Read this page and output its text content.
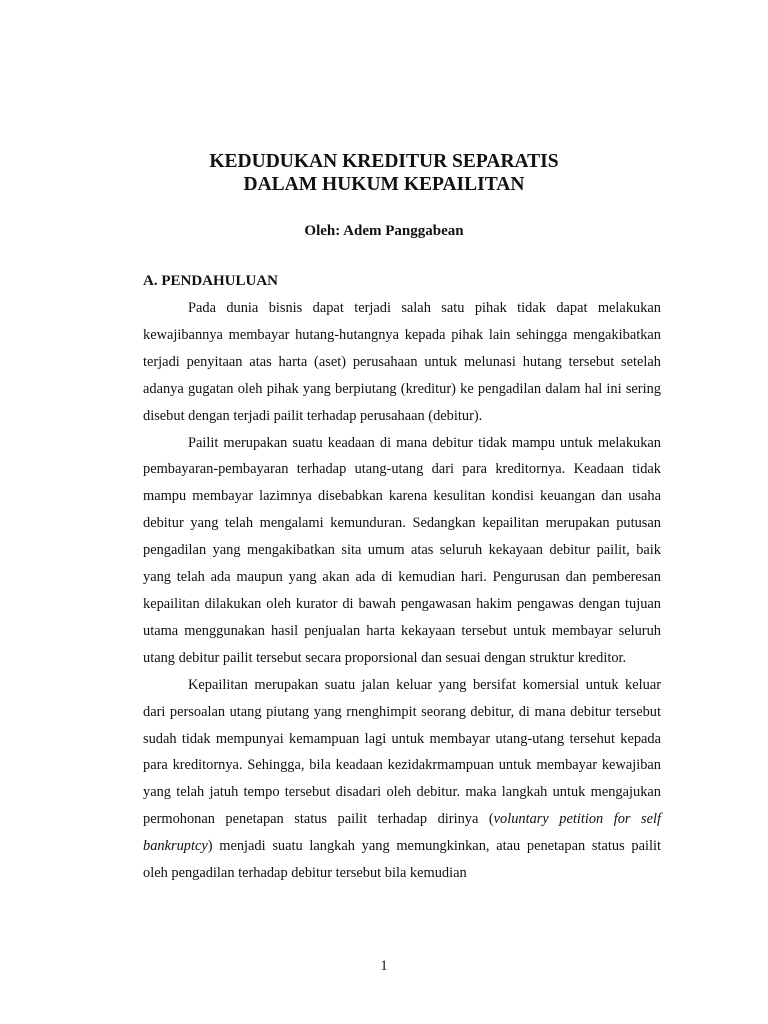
KEDUDUKAN KREDITUR SEPARATIS
DALAM HUKUM KEPAILITAN

Oleh: Adem Panggabean

A. PENDAHULUAN

Pada dunia bisnis dapat terjadi salah satu pihak tidak dapat melakukan kewajibannya membayar hutang-hutangnya kepada pihak lain sehingga mengakibatkan terjadi penyitaan atas harta (aset) perusahaan untuk melunasi hutang tersebut setelah adanya gugatan oleh pihak yang berpiutang (kreditur) ke pengadilan dalam hal ini sering disebut dengan terjadi pailit terhadap perusahaan (debitur).

Pailit merupakan suatu keadaan di mana debitur tidak mampu untuk melakukan pembayaran-pembayaran terhadap utang-utang dari para kreditornya. Keadaan tidak mampu membayar lazimnya disebabkan karena kesulitan kondisi keuangan dan usaha debitur yang telah mengalami kemunduran. Sedangkan kepailitan merupakan putusan pengadilan yang mengakibatkan sita umum atas seluruh kekayaan debitur pailit, baik yang telah ada maupun yang akan ada di kemudian hari. Pengurusan dan pemberesan kepailitan dilakukan oleh kurator di bawah pengawasan hakim pengawas dengan tujuan utama menggunakan hasil penjualan harta kekayaan tersebut untuk membayar seluruh utang debitur pailit tersebut secara proporsional dan sesuai dengan struktur kreditor.

Kepailitan merupakan suatu jalan keluar yang bersifat komersial untuk keluar dari persoalan utang piutang yang rnenghimpit seorang debitur, di mana debitur tersebut sudah tidak mempunyai kemampuan lagi untuk membayar utang-utang tersehut kepada para kreditornya. Sehingga, bila keadaan kezidakrmampuan untuk membayar kewajiban yang telah jatuh tempo tersebut disadari oleh debitur. maka langkah untuk mengajukan permohonan penetapan status pailit terhadap dirinya (voluntary petition for self bankruptcy) menjadi suatu langkah yang memungkinkan, atau penetapan status pailit oleh pengadilan terhadap debitur tersebut bila kemudian

1
